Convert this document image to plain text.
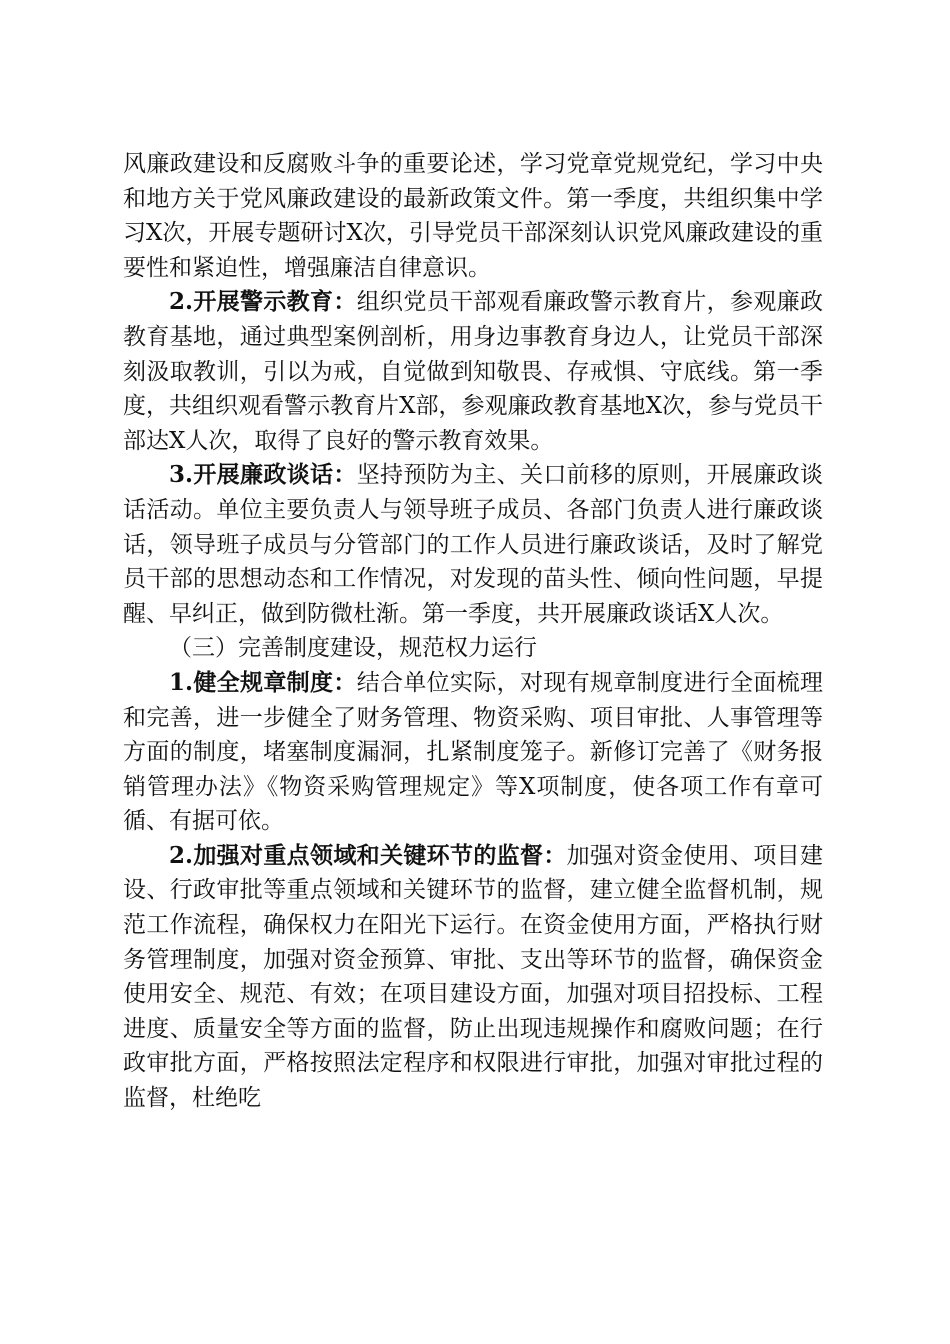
风廉政建设和反腐败斗争的重要论述，学习党章党规党纪，学习中央和地方关于党风廉政建设的最新政策文件。第一季度，共组织集中学习X次，开展专题研讨X次，引导党员干部深刻认识党风廉政建设的重要性和紧迫性，增强廉洁自律意识。

2.开展警示教育：组织党员干部观看廉政警示教育片，参观廉政教育基地，通过典型案例剖析，用身边事教育身边人，让党员干部深刻汲取教训，引以为戒，自觉做到知敬畏、存戒惧、守底线。第一季度，共组织观看警示教育片X部，参观廉政教育基地X次，参与党员干部达X人次，取得了良好的警示教育效果。

3.开展廉政谈话：坚持预防为主、关口前移的原则，开展廉政谈话活动。单位主要负责人与领导班子成员、各部门负责人进行廉政谈话，领导班子成员与分管部门的工作人员进行廉政谈话，及时了解党员干部的思想动态和工作情况，对发现的苗头性、倾向性问题，早提醒、早纠正，做到防微杜渐。第一季度，共开展廉政谈话X人次。

（三）完善制度建设，规范权力运行

1.健全规章制度：结合单位实际，对现有规章制度进行全面梳理和完善，进一步健全了财务管理、物资采购、项目审批、人事管理等方面的制度，堵塞制度漏洞，扎紧制度笼子。新修订完善了《财务报销管理办法》《物资采购管理规定》等X项制度，使各项工作有章可循、有据可依。

2.加强对重点领域和关键环节的监督：加强对资金使用、项目建设、行政审批等重点领域和关键环节的监督，建立健全监督机制，规范工作流程，确保权力在阳光下运行。在资金使用方面，严格执行财务管理制度，加强对资金预算、审批、支出等环节的监督，确保资金使用安全、规范、有效；在项目建设方面，加强对项目招投标、工程进度、质量安全等方面的监督，防止出现违规操作和腐败问题；在行政审批方面，严格按照法定程序和权限进行审批，加强对审批过程的监督，杜绝吃
